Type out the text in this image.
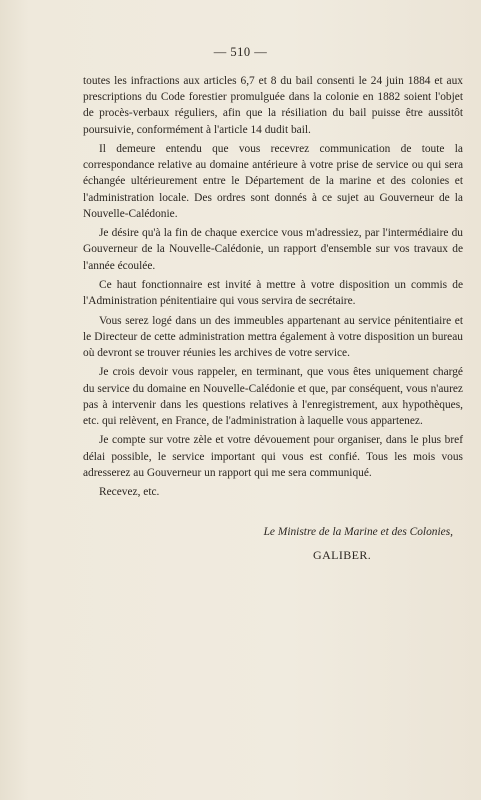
— 510 —

toutes les infractions aux articles 6,7 et 8 du bail consenti le 24 juin 1884 et aux prescriptions du Code forestier promulguée dans la colonie en 1882 soient l'objet de procès-verbaux réguliers, afin que la résiliation du bail puisse être aussitôt poursuivie, conformément à l'article 14 dudit bail.

Il demeure entendu que vous recevrez communication de toute la correspondance relative au domaine antérieure à votre prise de service ou qui sera échangée ultérieurement entre le Département de la marine et des colonies et l'administration locale. Des ordres sont donnés à ce sujet au Gouverneur de la Nouvelle-Calédonie.

Je désire qu'à la fin de chaque exercice vous m'adressiez, par l'intermédiaire du Gouverneur de la Nouvelle-Calédonie, un rapport d'ensemble sur vos travaux de l'année écoulée.

Ce haut fonctionnaire est invité à mettre à votre disposition un commis de l'Administration pénitentiaire qui vous servira de secrétaire.

Vous serez logé dans un des immeubles appartenant au service pénitentiaire et le Directeur de cette administration mettra également à votre disposition un bureau où devront se trouver réunies les archives de votre service.

Je crois devoir vous rappeler, en terminant, que vous êtes uniquement chargé du service du domaine en Nouvelle-Calédonie et que, par conséquent, vous n'aurez pas à intervenir dans les questions relatives à l'enregistrement, aux hypothèques, etc. qui relèvent, en France, de l'administration à laquelle vous appartenez.

Je compte sur votre zèle et votre dévouement pour organiser, dans le plus bref délai possible, le service important qui vous est confié. Tous les mois vous adresserez au Gouverneur un rapport qui me sera communiqué.

Recevez, etc.

Le Ministre de la Marine et des Colonies,
GALIBER.
